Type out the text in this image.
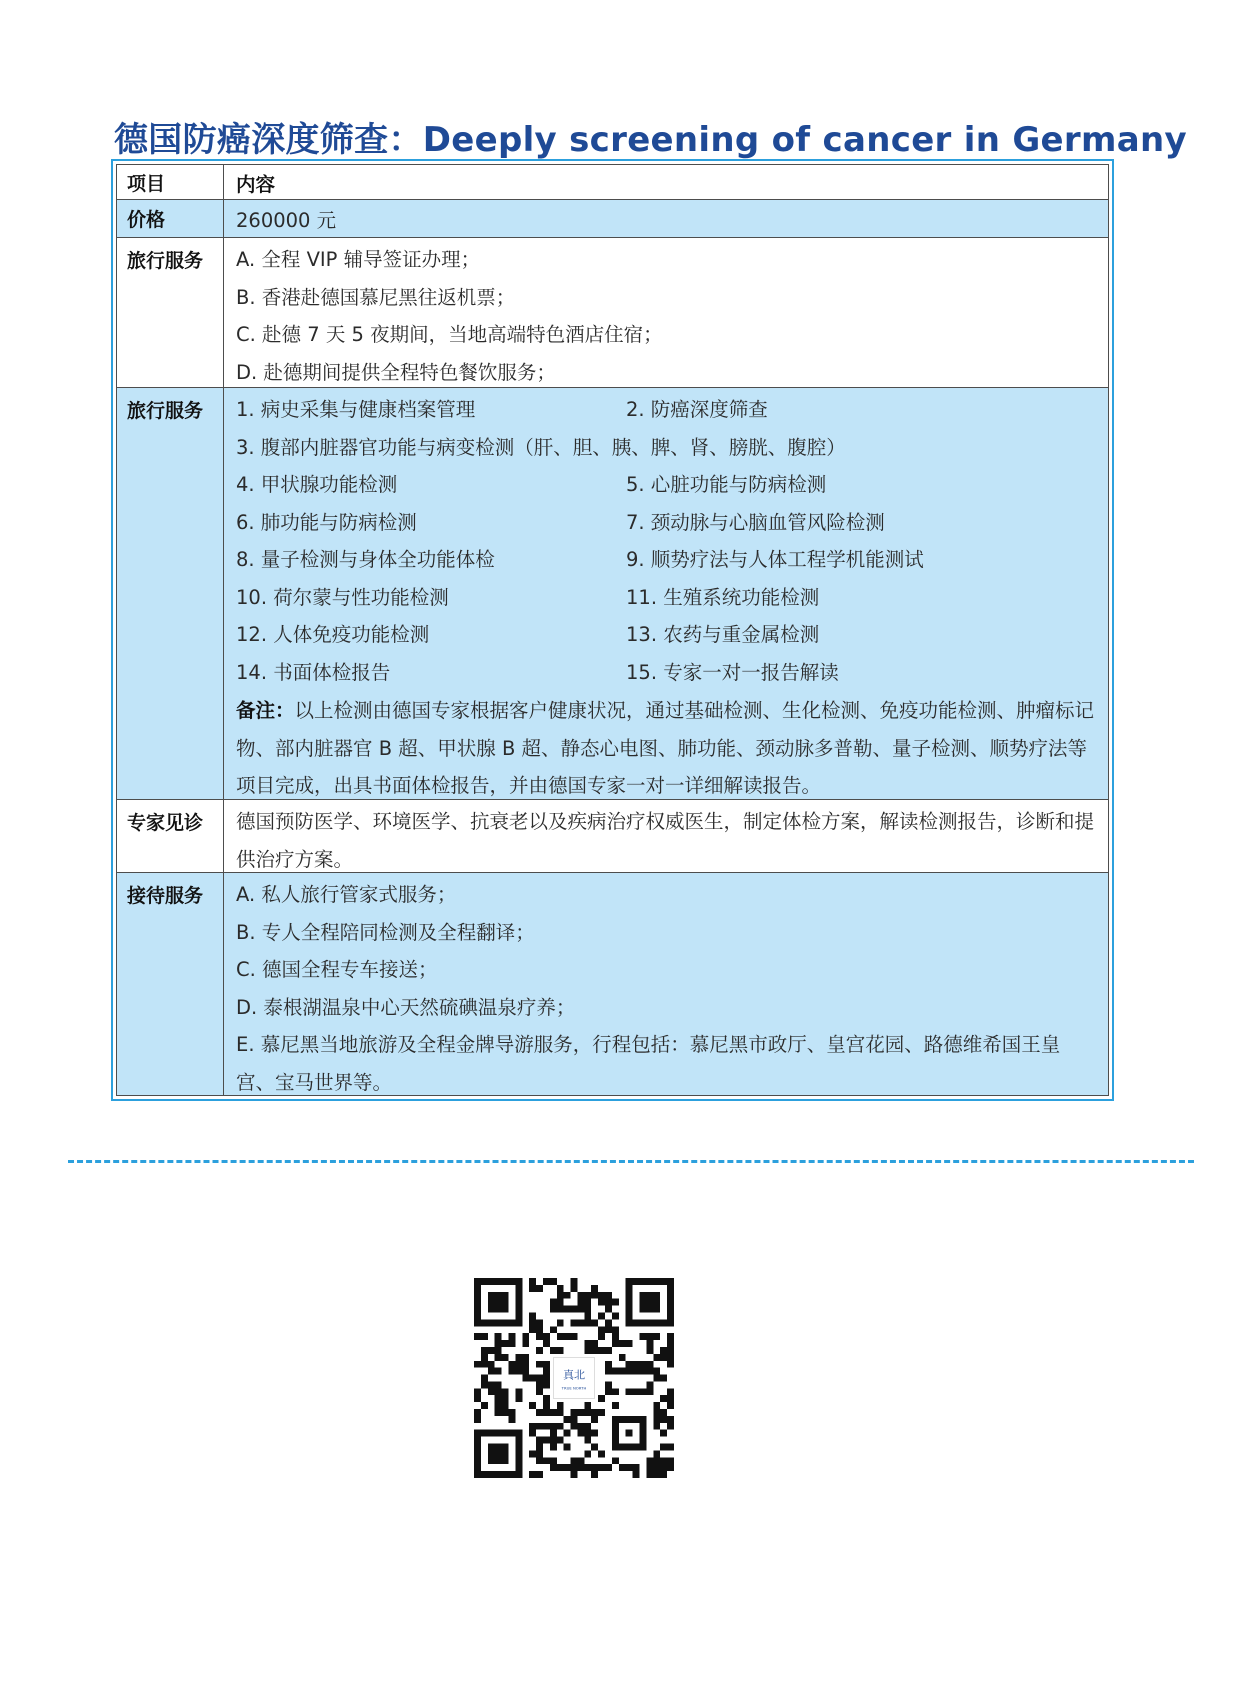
德国防癌深度筛查：Deeply screening of cancer in Germany
项目	内容
价格	260000 元
旅行服务	A. 全程 VIP 辅导签证办理；
B. 香港赴德国慕尼黑往返机票；
C. 赴德 7 天 5 夜期间，当地高端特色酒店住宿；
D. 赴德期间提供全程特色餐饮服务；
旅行服务	1. 病史采集与健康档案管理	2. 防癌深度筛查
3. 腹部内脏器官功能与病变检测（肝、胆、胰、脾、肾、膀胱、腹腔）
4. 甲状腺功能检测	5. 心脏功能与防病检测
6. 肺功能与防病检测	7. 颈动脉与心脑血管风险检测
8. 量子检测与身体全功能体检	9. 顺势疗法与人体工程学机能测试
10. 荷尔蒙与性功能检测	11. 生殖系统功能检测
12. 人体免疫功能检测	13. 农药与重金属检测
14. 书面体检报告	15. 专家一对一报告解读
备注：以上检测由德国专家根据客户健康状况，通过基础检测、生化检测、免疫功能检测、肿瘤标记物、部内脏器官 B 超、甲状腺 B 超、静态心电图、肺功能、颈动脉多普勒、量子检测、顺势疗法等项目完成，出具书面体检报告，并由德国专家一对一详细解读报告。
专家见诊	德国预防医学、环境医学、抗衰老以及疾病治疗权威医生，制定体检方案，解读检测报告，诊断和提供治疗方案。
接待服务	A. 私人旅行管家式服务；
B. 专人全程陪同检测及全程翻译；
C. 德国全程专车接送；
D. 泰根湖温泉中心天然硫碘温泉疗养；
E. 慕尼黑当地旅游及全程金牌导游服务，行程包括：慕尼黑市政厅、皇宫花园、路德维希国王皇宫、宝马世界等。
真北
